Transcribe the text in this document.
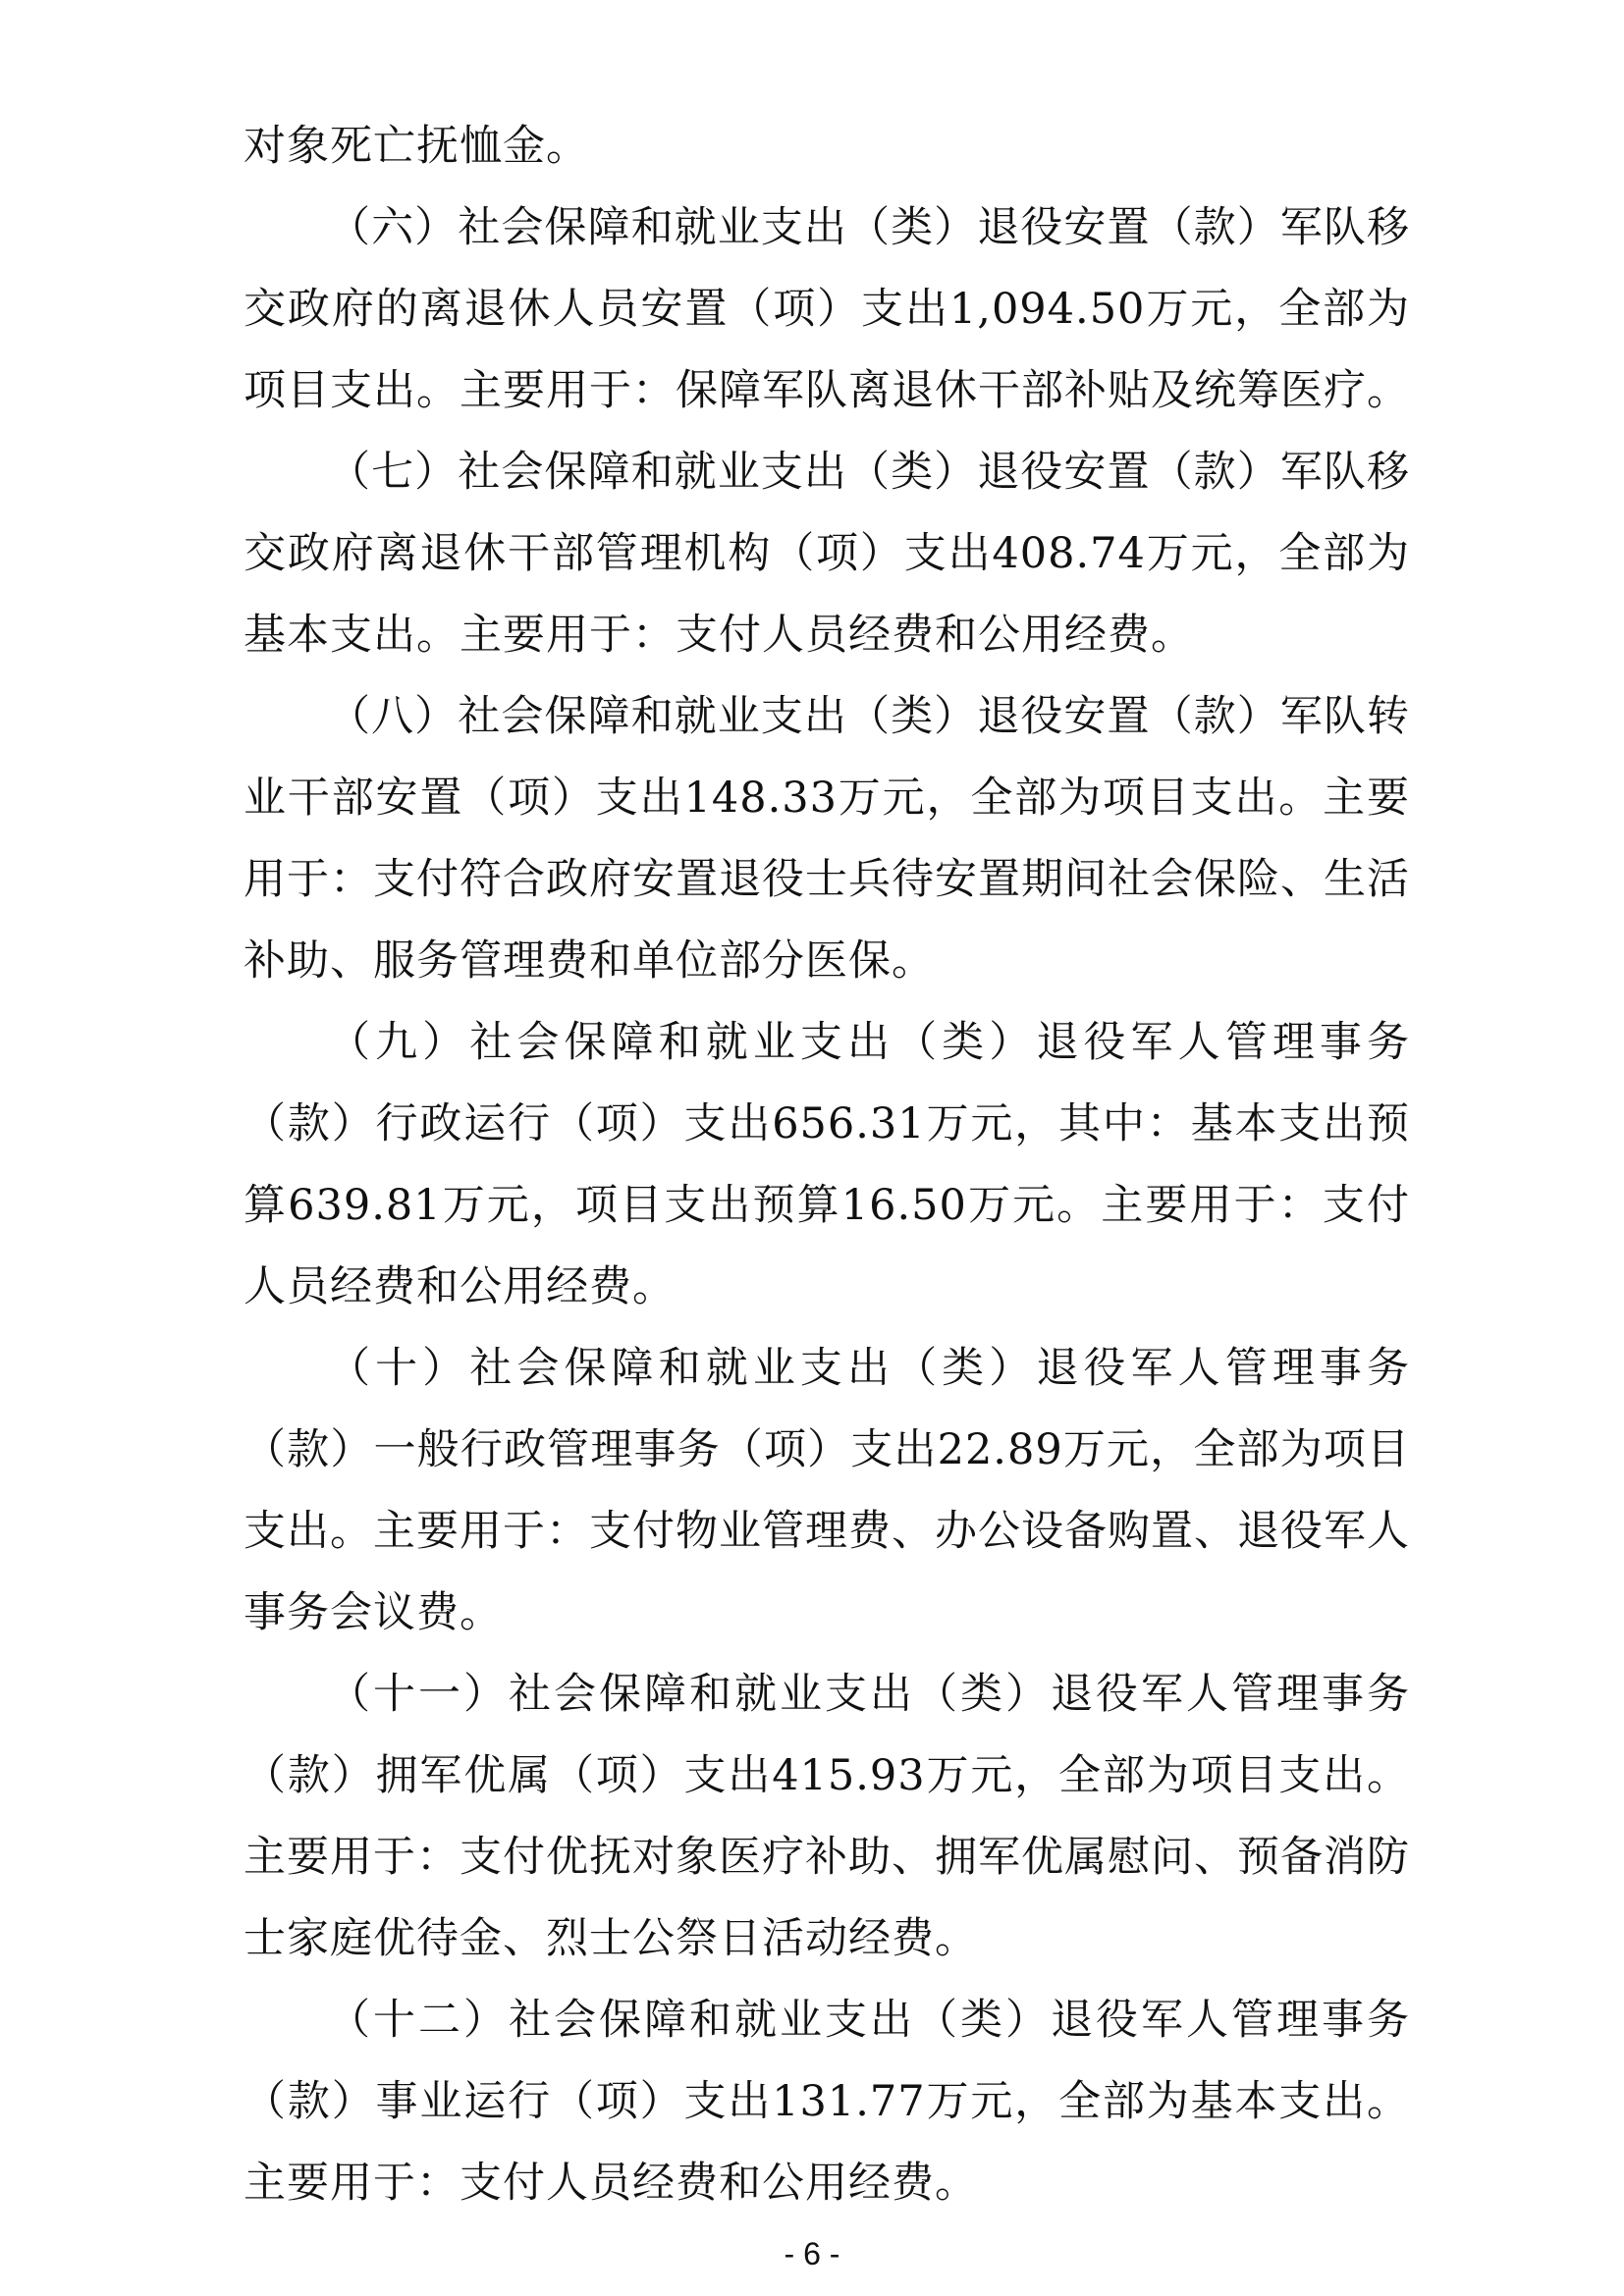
对象死亡抚恤金。

（六）社会保障和就业支出（类）退役安置（款）军队移交政府的离退休人员安置（项）支出1,094.50万元，全部为项目支出。主要用于：保障军队离退休干部补贴及统筹医疗。

（七）社会保障和就业支出（类）退役安置（款）军队移交政府离退休干部管理机构（项）支出408.74万元，全部为基本支出。主要用于：支付人员经费和公用经费。

（八）社会保障和就业支出（类）退役安置（款）军队转业干部安置（项）支出148.33万元，全部为项目支出。主要用于：支付符合政府安置退役士兵待安置期间社会保险、生活补助、服务管理费和单位部分医保。

（九）社会保障和就业支出（类）退役军人管理事务（款）行政运行（项）支出656.31万元，其中：基本支出预算639.81万元，项目支出预算16.50万元。主要用于：支付人员经费和公用经费。

（十）社会保障和就业支出（类）退役军人管理事务（款）一般行政管理事务（项）支出22.89万元，全部为项目支出。主要用于：支付物业管理费、办公设备购置、退役军人事务会议费。

（十一）社会保障和就业支出（类）退役军人管理事务（款）拥军优属（项）支出415.93万元，全部为项目支出。主要用于：支付优抚对象医疗补助、拥军优属慰问、预备消防士家庭优待金、烈士公祭日活动经费。

（十二）社会保障和就业支出（类）退役军人管理事务（款）事业运行（项）支出131.77万元，全部为基本支出。主要用于：支付人员经费和公用经费。

- 6 -
